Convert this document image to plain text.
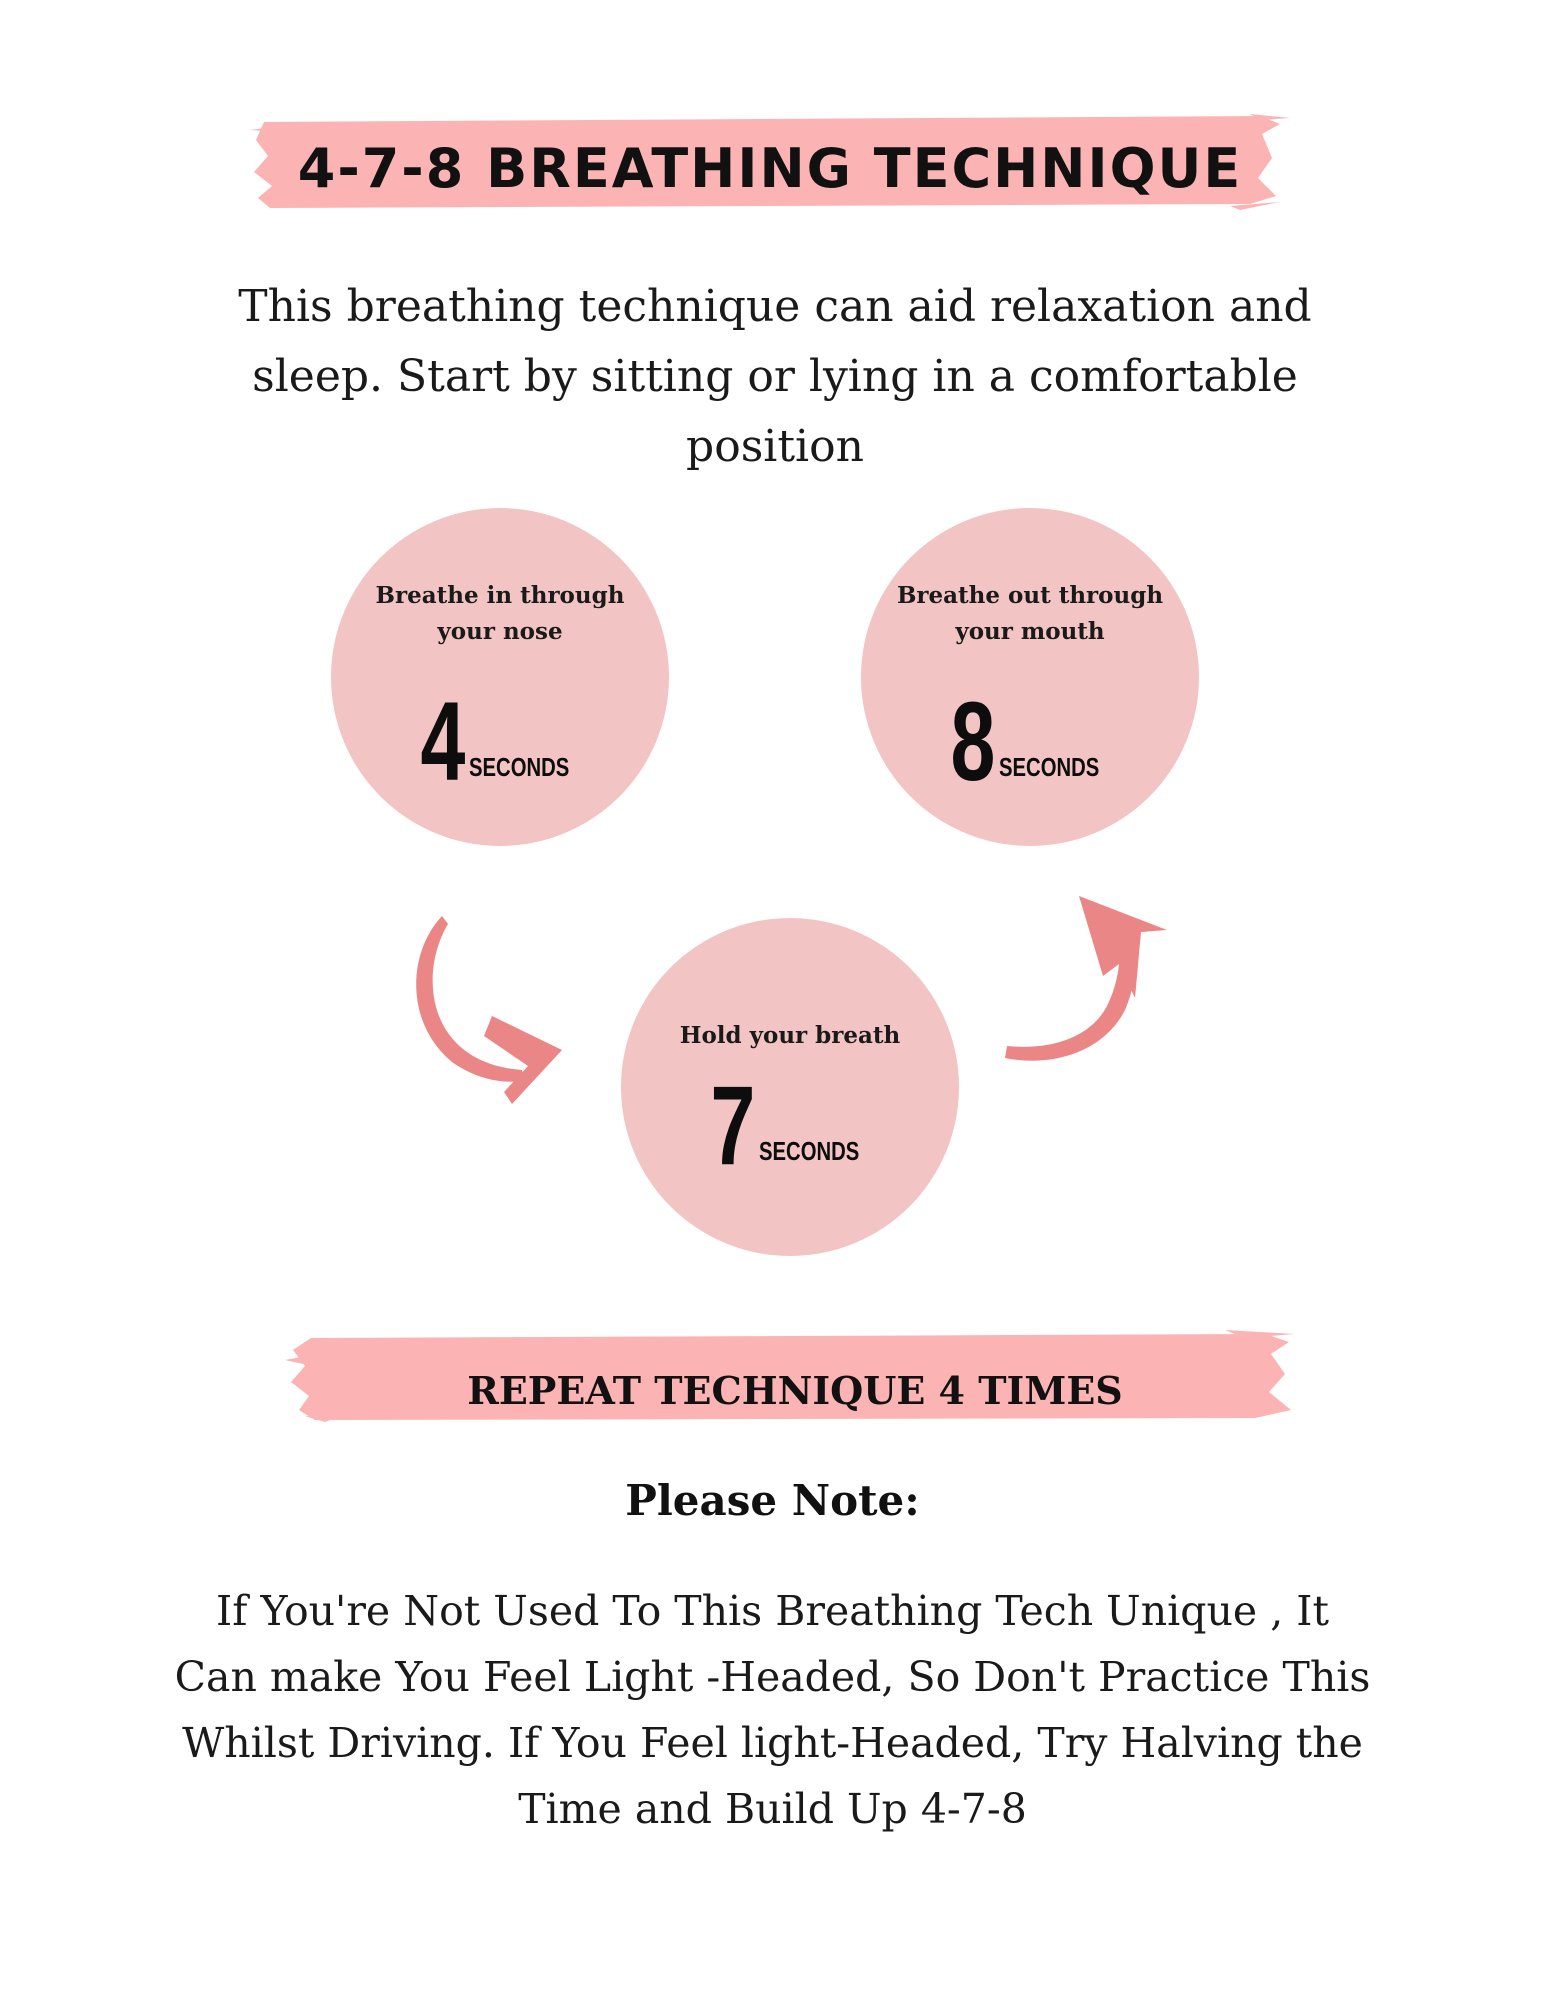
4-7-8 BREATHING TECHNIQUE
This breathing technique can aid relaxation and sleep. Start by sitting or lying in a comfortable position
Breathe in through
your nose
4 SECONDS
Breathe out through
your mouth
8 SECONDS
Hold your breath
7 SECONDS
REPEAT TECHNIQUE 4 TIMES
Please Note:
If You're Not Used To This Breathing Tech Unique , It Can make You Feel Light -Headed, So Don't Practice This Whilst Driving. If You Feel light-Headed, Try Halving the Time and Build Up 4-7-8
